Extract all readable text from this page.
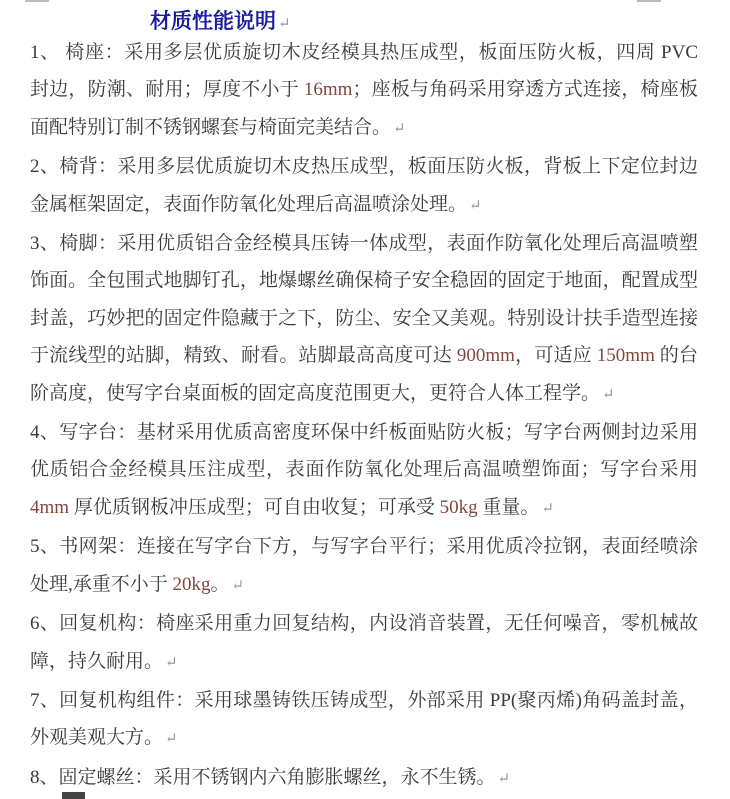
材质性能说明 ↵

1、 椅座：采用多层优质旋切木皮经模具热压成型，板面压防火板，四周 PVC 封边，防潮、耐用；厚度不小于 16mm；座板与角码采用穿透方式连接，椅座板面配特别订制不锈钢螺套与椅面完美结合。 ↵

2、椅背：采用多层优质旋切木皮热压成型，板面压防火板，背板上下定位封边金属框架固定，表面作防氧化处理后高温喷涂处理。 ↵

3、椅脚：采用优质铝合金经模具压铸一体成型，表面作防氧化处理后高温喷塑饰面。全包围式地脚钉孔，地爆螺丝确保椅子安全稳固的固定于地面，配置成型封盖，巧妙把的固定件隐藏于之下，防尘、安全又美观。特别设计扶手造型连接于流线型的站脚，精致、耐看。站脚最高高度可达 900mm，可适应 150mm 的台阶高度，使写字台桌面板的固定高度范围更大，更符合人体工程学。 ↵

4、写字台：基材采用优质高密度环保中纤板面贴防火板；写字台两侧封边采用优质铝合金经模具压注成型，表面作防氧化处理后高温喷塑饰面；写字台采用 4mm 厚优质钢板冲压成型；可自由收复；可承受 50kg 重量。 ↵

5、书网架：连接在写字台下方，与写字台平行；采用优质冷拉钢，表面经喷涂处理,承重不小于 20kg。 ↵

6、回复机构：椅座采用重力回复结构，内设消音装置，无任何噪音，零机械故障，持久耐用。 ↵

7、回复机构组件：采用球墨铸铁压铸成型，外部采用 PP(聚丙烯)角码盖封盖，外观美观大方。 ↵

8、固定螺丝：采用不锈钢内六角膨胀螺丝，永不生锈。 ↵
